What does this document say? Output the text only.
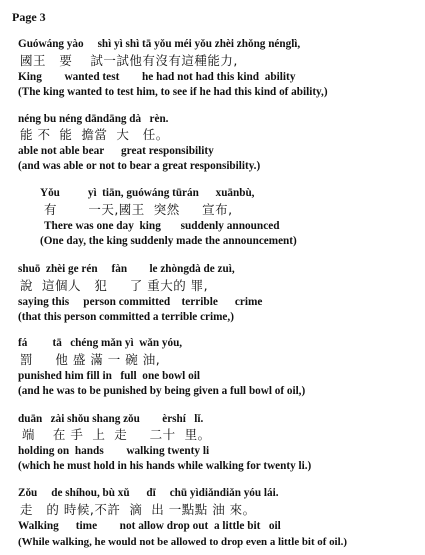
Page 3
Guówáng yào     shì yì shì tā yǒu méi yǒu zhèi zhǒng nénglì,
國王   要    試一試他有沒有這種能力,
King        wanted test        he had not had this kind  ability
(The king wanted to test him, to see if he had this kind of ability,)
néng bu néng dāndāng dà   rèn.
能 不  能  擔當  大   任。
able not able bear      great responsibility
(and was able or not to bear a great responsibility.)
Yǒu          yì  tiān, guówáng tūrán      xuānbù,
有       一天,國王  突然     宣布,
There was one day  king       suddenly announced
(One day, the king suddenly made the announcement)
shuō  zhèi ge rén     fàn        le zhòngdà de zuì,
說  這個人   犯     了 重大的 罪,
saying this     person committed    terrible      crime
(that this person committed a terrible crime,)
fá         tā   chéng mǎn yì  wǎn yóu,
罰     他 盛 滿 一 碗 油,
punished him fill in   full  one bowl oil
(and he was to be punished by being given a full bowl of oil,)
duān   zài shǒu shang zǒu        èrshí   lǐ.
端    在 手  上  走     二十  里。
holding on  hands        walking twenty li
(which he must hold in his hands while walking for twenty li.)
Zǒu     de shíhou, bù xǔ      dī     chū yìdiǎndiǎn yóu lái.
走   的 時候,不許  滴  出 一點點 油 來。
Walking      time        not allow drop out  a little bit   oil
(While walking, he would not be allowed to drop even a little bit of oil.)
